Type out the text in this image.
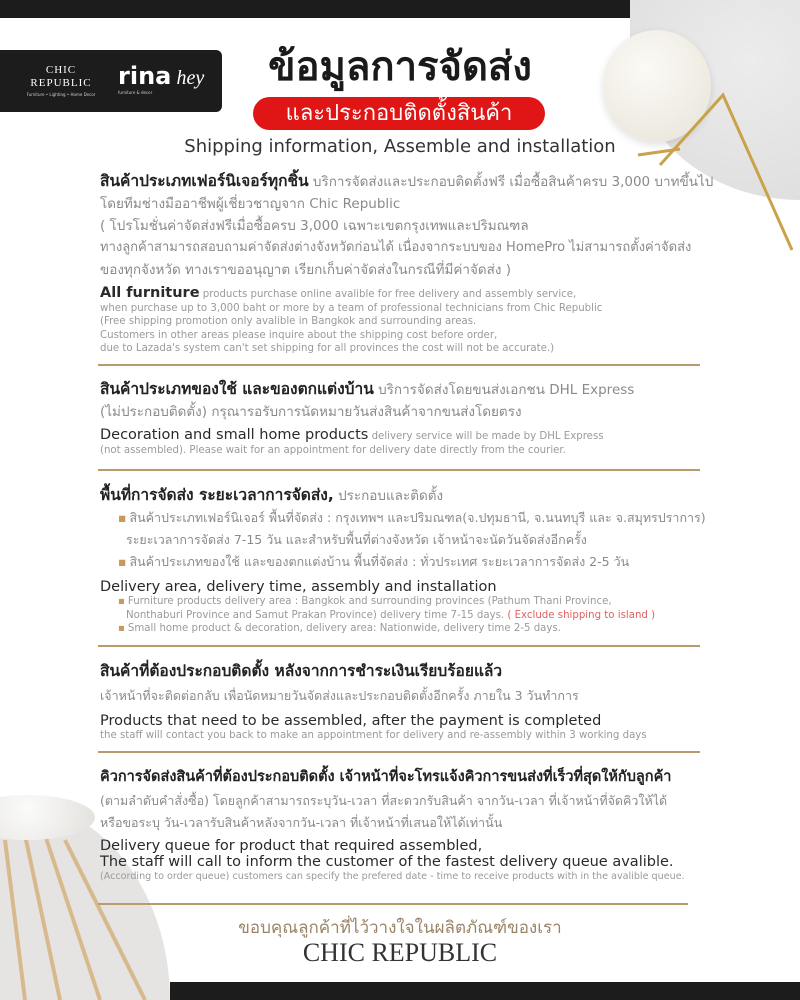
CHIC REPUBLIC
Furniture • Lighting • Home Decor
rina hey
furniture & decor
ข้อมูลการจัดส่ง
และประกอบติดตั้งสินค้า
Shipping information, Assemble and installation
สินค้าประเภทเฟอร์นิเจอร์ทุกชิ้น บริการจัดส่งและประกอบติดตั้งฟรี เมื่อซื้อสินค้าครบ 3,000 บาทขึ้นไป
โดยทีมช่างมืออาชีพผู้เชี่ยวชาญจาก Chic Republic
( โปรโมชั่นค่าจัดส่งฟรีเมื่อซื้อครบ 3,000 เฉพาะเขตกรุงเทพและปริมณฑล
ทางลูกค้าสามารถสอบถามค่าจัดส่งต่างจังหวัดก่อนได้ เนื่องจากระบบของ HomePro ไม่สามารถตั้งค่าจัดส่ง
ของทุกจังหวัด ทางเราขออนุญาต เรียกเก็บค่าจัดส่งในกรณีที่มีค่าจัดส่ง )
All furniture products purchase online avalible for free delivery and assembly service,
when purchase up to 3,000 baht or more by a team of professional technicians from Chic Republic
(Free shipping promotion only avalible in Bangkok and surrounding areas.
Customers in other areas please inquire about the shipping cost before order,
due to Lazada's system can't set shipping for all provinces the cost will not be accurate.)
สินค้าประเภทของใช้ และของตกแต่งบ้าน บริการจัดส่งโดยขนส่งเอกชน DHL Express
(ไม่ประกอบติดตั้ง) กรุณารอรับการนัดหมายวันส่งสินค้าจากขนส่งโดยตรง
Decoration and small home products delivery service will be made by DHL Express
(not assembled). Please wait for an appointment for delivery date directly from the courier.
พื้นที่การจัดส่ง ระยะเวลาการจัดส่ง, ประกอบและติดตั้ง
▪ สินค้าประเภทเฟอร์นิเจอร์ พื้นที่จัดส่ง : กรุงเทพฯ และปริมณฑล(จ.ปทุมธานี, จ.นนทบุรี และ จ.สมุทรปราการ)
ระยะเวลาการจัดส่ง 7-15 วัน และสำหรับพื้นที่ต่างจังหวัด เจ้าหน้าจะนัดวันจัดส่งอีกครั้ง
▪ สินค้าประเภทของใช้ และของตกแต่งบ้าน พื้นที่จัดส่ง : ทั่วประเทศ ระยะเวลาการจัดส่ง 2-5 วัน
Delivery area, delivery time, assembly and installation
▪ Furniture products delivery area : Bangkok and surrounding provinces (Pathum Thani Province,
Nonthaburi Province and Samut Prakan Province) delivery time 7-15 days. ( Exclude shipping to island )
▪ Small home product & decoration, delivery area: Nationwide, delivery time 2-5 days.
สินค้าที่ต้องประกอบติดตั้ง หลังจากการชำระเงินเรียบร้อยแล้ว
เจ้าหน้าที่จะติดต่อกลับ เพื่อนัดหมายวันจัดส่งและประกอบติดตั้งอีกครั้ง ภายใน 3 วันทำการ
Products that need to be assembled, after the payment is completed
the staff will contact you back to make an appointment for delivery and re-assembly within 3 working days
คิวการจัดส่งสินค้าที่ต้องประกอบติดตั้ง เจ้าหน้าที่จะโทรแจ้งคิวการขนส่งที่เร็วที่สุดให้กับลูกค้า
(ตามลำดับคำสั่งซื้อ) โดยลูกค้าสามารถระบุวัน-เวลา ที่สะดวกรับสินค้า จากวัน-เวลา ที่เจ้าหน้าที่จัดคิวให้ได้
หรือขอระบุ วัน-เวลารับสินค้าหลังจากวัน-เวลา ที่เจ้าหน้าที่เสนอให้ได้เท่านั้น
Delivery queue for product that required assembled,
The staff will call to inform the customer of the fastest delivery queue avalible.
(According to order queue) customers can specify the prefered date - time to receive products with in the avalible queue.
ขอบคุณลูกค้าที่ไว้วางใจในผลิตภัณฑ์ของเรา
CHIC REPUBLIC
